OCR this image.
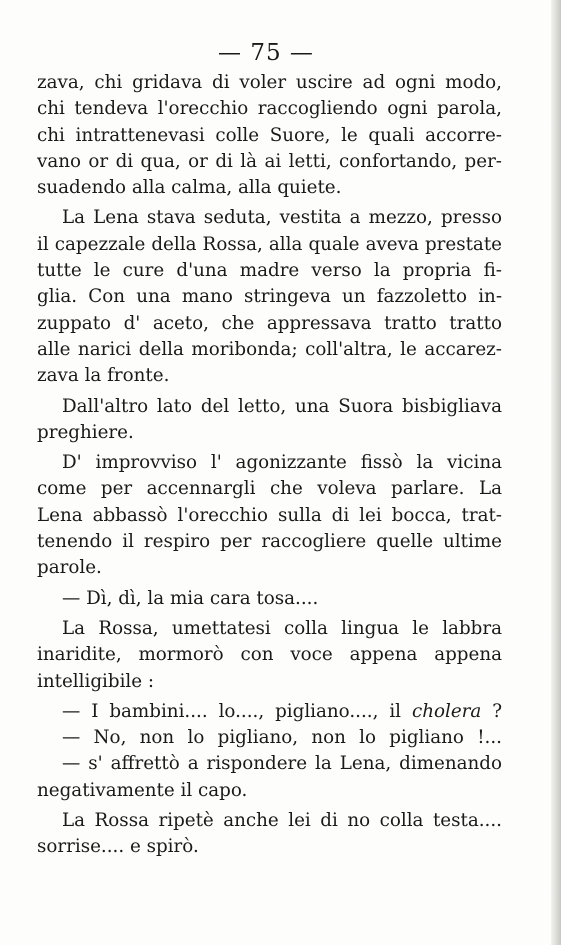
— 75 —
zava, chi gridava di voler uscire ad ogni modo,
chi tendeva l'orecchio raccogliendo ogni parola,
chi intrattenevasi colle Suore, le quali accorre-
vano or di qua, or di là ai letti, confortando, per-
suadendo alla calma, alla quiete.
La Lena stava seduta, vestita a mezzo, presso
il capezzale della Rossa, alla quale aveva prestate
tutte le cure d'una madre verso la propria fi-
glia. Con una mano stringeva un fazzoletto in-
zuppato d' aceto, che appressava tratto tratto
alle narici della moribonda; coll'altra, le accarez-
zava la fronte.
Dall'altro lato del letto, una Suora bisbigliava
preghiere.
D' improvviso l' agonizzante fissò la vicina
come per accennargli che voleva parlare. La
Lena abbassò l'orecchio sulla di lei bocca, trat-
tenendo il respiro per raccogliere quelle ultime
parole.
— Dì, dì, la mia cara tosa....
La Rossa, umettatesi colla lingua le labbra
inaridite, mormorò con voce appena appena
intelligibile :
— I bambini.... lo...., pigliano...., il cholera ?
— No, non lo pigliano, non lo pigliano !...
— s' affrettò a rispondere la Lena, dimenando
negativamente il capo.
La Rossa ripetè anche lei di no colla testa....
sorrise.... e spirò.
